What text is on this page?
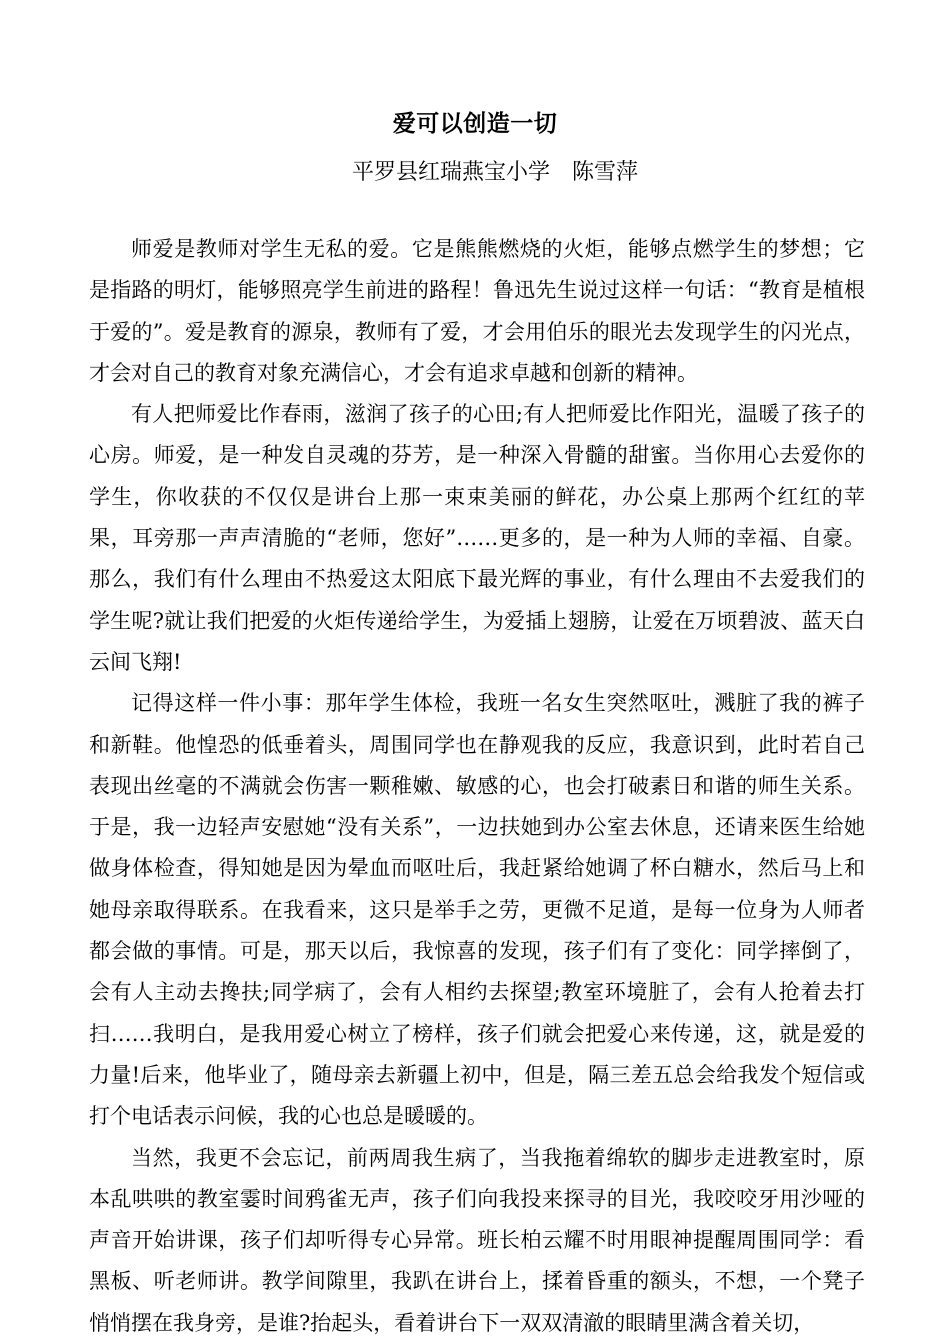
爱可以创造一切
平罗县红瑞燕宝小学　陈雪萍

师爱是教师对学生无私的爱。它是熊熊燃烧的火炬，能够点燃学生的梦想；它是指路的明灯，能够照亮学生前进的路程！鲁迅先生说过这样一句话：“教育是植根于爱的”。爱是教育的源泉，教师有了爱，才会用伯乐的眼光去发现学生的闪光点，才会对自己的教育对象充满信心，才会有追求卓越和创新的精神。

有人把师爱比作春雨，滋润了孩子的心田;有人把师爱比作阳光，温暖了孩子的心房。师爱，是一种发自灵魂的芬芳，是一种深入骨髓的甜蜜。当你用心去爱你的学生，你收获的不仅仅是讲台上那一束束美丽的鲜花，办公桌上那两个红红的苹果，耳旁那一声声清脆的“老师，您好”……更多的，是一种为人师的幸福、自豪。那么，我们有什么理由不热爱这太阳底下最光辉的事业，有什么理由不去爱我们的学生呢?就让我们把爱的火炬传递给学生，为爱插上翅膀，让爱在万顷碧波、蓝天白云间飞翔!

记得这样一件小事：那年学生体检，我班一名女生突然呕吐，溅脏了我的裤子和新鞋。他惶恐的低垂着头，周围同学也在静观我的反应，我意识到，此时若自己表现出丝毫的不满就会伤害一颗稚嫩、敏感的心，也会打破素日和谐的师生关系。于是，我一边轻声安慰她“没有关系”，一边扶她到办公室去休息，还请来医生给她做身体检查，得知她是因为晕血而呕吐后，我赶紧给她调了杯白糖水，然后马上和她母亲取得联系。在我看来，这只是举手之劳，更微不足道，是每一位身为人师者都会做的事情。可是，那天以后，我惊喜的发现，孩子们有了变化：同学摔倒了，会有人主动去搀扶;同学病了，会有人相约去探望;教室环境脏了，会有人抢着去打扫……我明白，是我用爱心树立了榜样，孩子们就会把爱心来传递，这，就是爱的力量!后来，他毕业了，随母亲去新疆上初中，但是，隔三差五总会给我发个短信或打个电话表示问候，我的心也总是暖暖的。

当然，我更不会忘记，前两周我生病了，当我拖着绵软的脚步走进教室时，原本乱哄哄的教室霎时间鸦雀无声，孩子们向我投来探寻的目光，我咬咬牙用沙哑的声音开始讲课，孩子们却听得专心异常。班长柏云耀不时用眼神提醒周围同学：看黑板、听老师讲。教学间隙里，我趴在讲台上，揉着昏重的额头，不想，一个凳子悄悄摆在我身旁，是谁?抬起头，看着讲台下一双双清澈的眼睛里满含着关切，
